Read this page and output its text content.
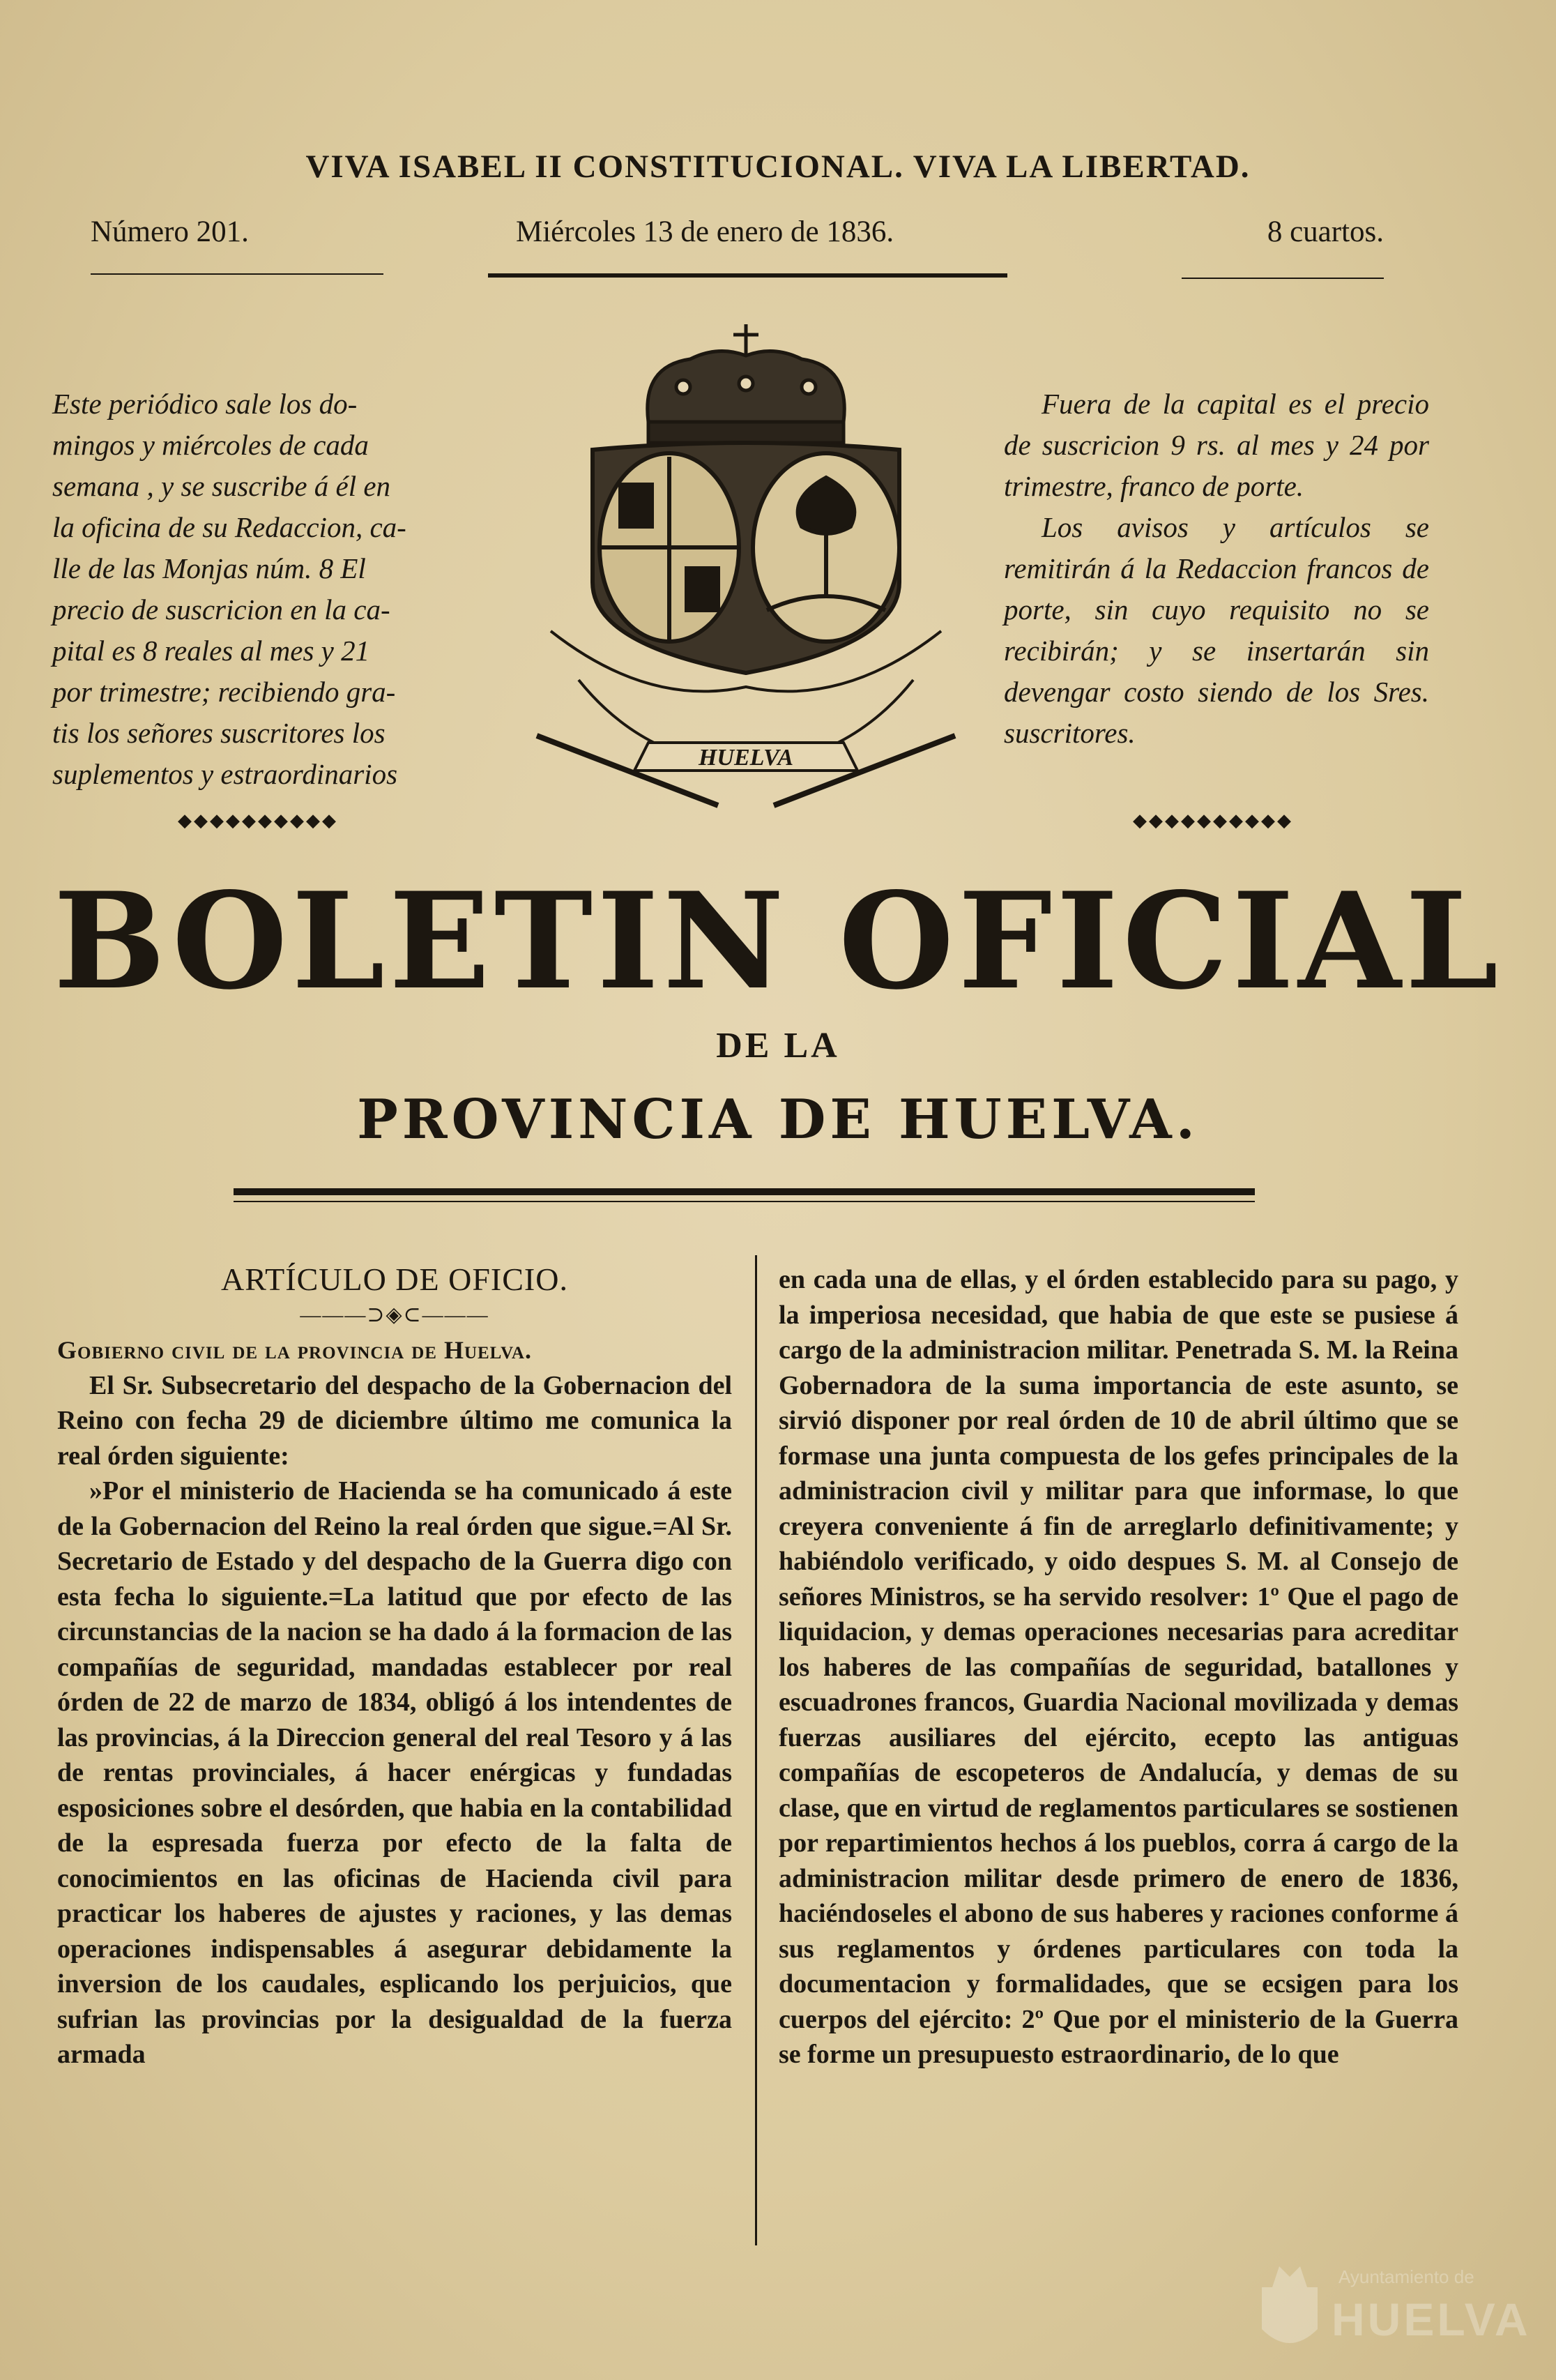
VIVA ISABEL II CONSTITUCIONAL. VIVA LA LIBERTAD.
Número 201.	Miércoles 13 de enero de 1836.	8 cuartos.

Este periódico sale los do-

mingos y miércoles de cada

semana , y se suscribe á él en

la oficina de su Redaccion, ca-

lle de las Monjas núm. 8 El

precio de suscricion en la ca-

pital es 8 reales al mes y 21

por trimestre; recibiendo gra-

tis los señores suscritores los

suplementos y estraordinarios

◆◆◆◆◆◆◆◆◆◆

Fuera de la capital es el precio de suscricion 9 rs. al mes y 24 por trimestre, franco de porte.

Los avisos y artículos se remitirán á la Redaccion francos de porte, sin cuyo requisito no se recibirán; y se insertarán sin devengar costo siendo de los Sres. suscritores.

◆◆◆◆◆◆◆◆◆◆
HUELVA
BOLETIN OFICIAL
DE LA
PROVINCIA DE HUELVA.

ARTÍCULO DE OFICIO.

———⊃◈⊂———

Gobierno civil de la provincia de Huelva.

El Sr. Subsecretario del despacho de la Gobernacion del Reino con fecha 29 de diciembre último me comunica la real órden siguiente:

»Por el ministerio de Hacienda se ha comunicado á este de la Gobernacion del Reino la real órden que sigue.=Al Sr. Secretario de Estado y del despacho de la Guerra digo con esta fecha lo siguiente.=La latitud que por efecto de las circunstancias de la nacion se ha dado á la formacion de las compañías de seguridad, mandadas establecer por real órden de 22 de marzo de 1834, obligó á los intendentes de las provincias, á la Direccion general del real Tesoro y á las de rentas provinciales, á hacer enérgicas y fundadas esposiciones sobre el desórden, que habia en la contabilidad de la espresada fuerza por efecto de la falta de conocimientos en las oficinas de Hacienda civil para practicar los haberes de ajustes y raciones, y las demas operaciones indispensables á asegurar debidamente la inversion de los caudales, esplicando los perjuicios, que sufrian las provincias por la desigualdad de la fuerza armada

en cada una de ellas, y el órden establecido para su pago, y la imperiosa necesidad, que habia de que este se pusiese á cargo de la administracion militar. Penetrada S. M. la Reina Gobernadora de la suma importancia de este asunto, se sirvió disponer por real órden de 10 de abril último que se formase una junta compuesta de los gefes principales de la administracion civil y militar para que informase, lo que creyera conveniente á fin de arreglarlo definitivamente; y habiéndolo verificado, y oido despues S. M. al Consejo de señores Ministros, se ha servido resolver: 1º Que el pago de liquidacion, y demas operaciones necesarias para acreditar los haberes de las compañías de seguridad, batallones y escuadrones francos, Guardia Nacional movilizada y demas fuerzas ausiliares del ejército, ecepto las antiguas compañías de escopeteros de Andalucía, y demas de su clase, que en virtud de reglamentos particulares se sostienen por repartimientos hechos á los pueblos, corra á cargo de la administracion militar desde primero de enero de 1836, haciéndoseles el abono de sus haberes y raciones conforme á sus reglamentos y órdenes particulares con toda la documentacion y formalidades, que se ecsigen para los cuerpos del ejército: 2º Que por el ministerio de la Guerra se forme un presupuesto estraordinario, de lo que

Ayuntamiento de
HUELVA
